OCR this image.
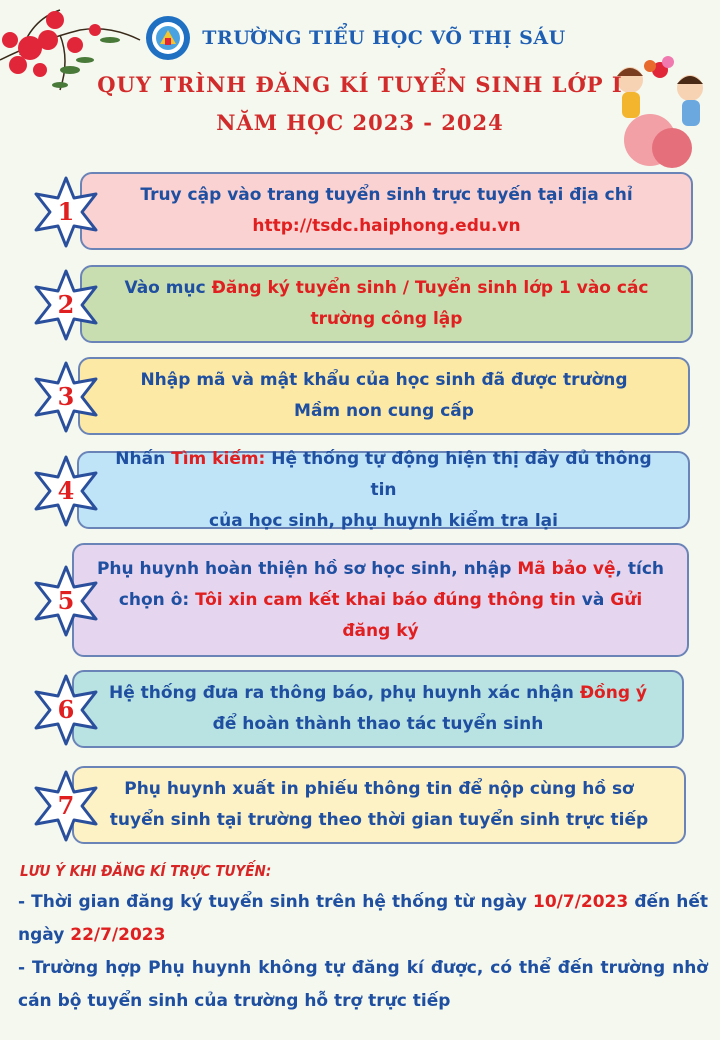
TRƯỜNG TIỂU HỌC VÕ THỊ SÁU
QUY TRÌNH ĐĂNG KÍ TUYỂN SINH LỚP I
NĂM HỌC 2023 - 2024
1
Truy cập vào trang tuyển sinh trực tuyến tại địa chỉ
http://tsdc.haiphong.edu.vn
2
Vào mục Đăng ký tuyển sinh / Tuyển sinh lớp 1 vào các
trường công lập
3
Nhập mã và mật khẩu của học sinh đã được trường
Mầm non cung cấp
4
Nhấn Tìm kiếm: Hệ thống tự động hiện thị đầy đủ thông tin
của học sinh, phụ huynh kiểm tra lại
5
Phụ huynh hoàn thiện hồ sơ học sinh, nhập Mã bảo vệ, tích
chọn ô: Tôi xin cam kết khai báo đúng thông tin và Gửi
đăng ký
6
Hệ thống đưa ra thông báo, phụ huynh xác nhận Đồng ý
để hoàn thành thao tác tuyển sinh
7
Phụ huynh xuất in phiếu thông tin để nộp cùng hồ sơ
tuyển sinh tại trường theo thời gian tuyển sinh trực tiếp
LƯU Ý KHI ĐĂNG KÍ TRỰC TUYẾN:
- Thời gian đăng ký tuyển sinh trên hệ thống từ ngày 10/7/2023 đến hết ngày 22/7/2023
- Trường hợp Phụ huynh không tự đăng kí được, có thể đến trường nhờ cán bộ tuyển sinh của trường hỗ trợ trực tiếp
